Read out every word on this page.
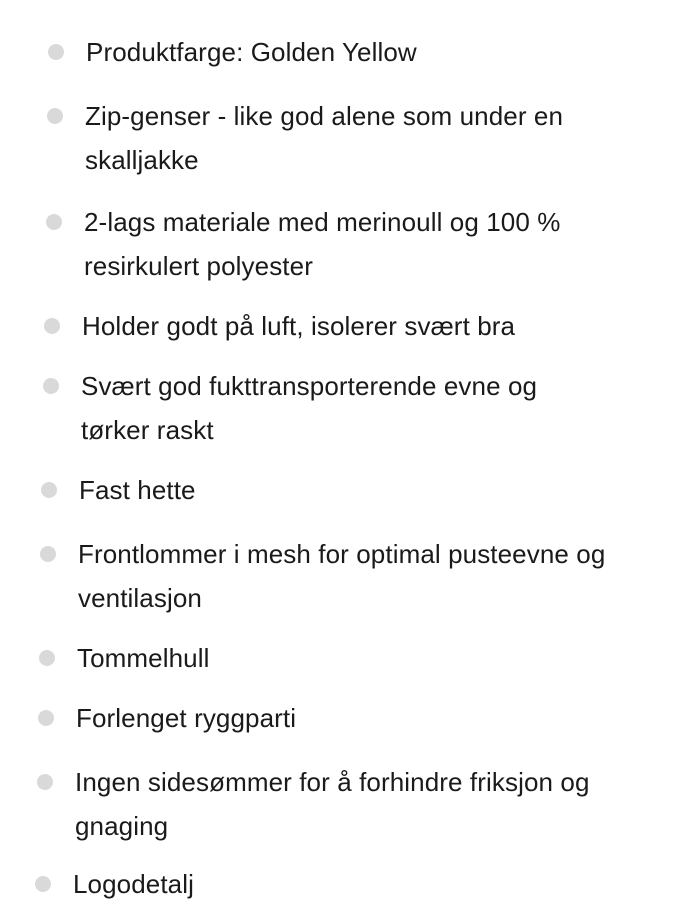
Produktfarge: Golden Yellow
Zip-genser - like god alene som under en skalljakke
2-lags materiale med merinoull og 100 % resirkulert polyester
Holder godt på luft, isolerer svært bra
Svært god fukttransporterende evne og tørker raskt
Fast hette
Frontlommer i mesh for optimal pusteevne og ventilasjon
Tommelhull
Forlenget ryggparti
Ingen sidesømmer for å forhindre friksjon og gnaging
Logodetalj
